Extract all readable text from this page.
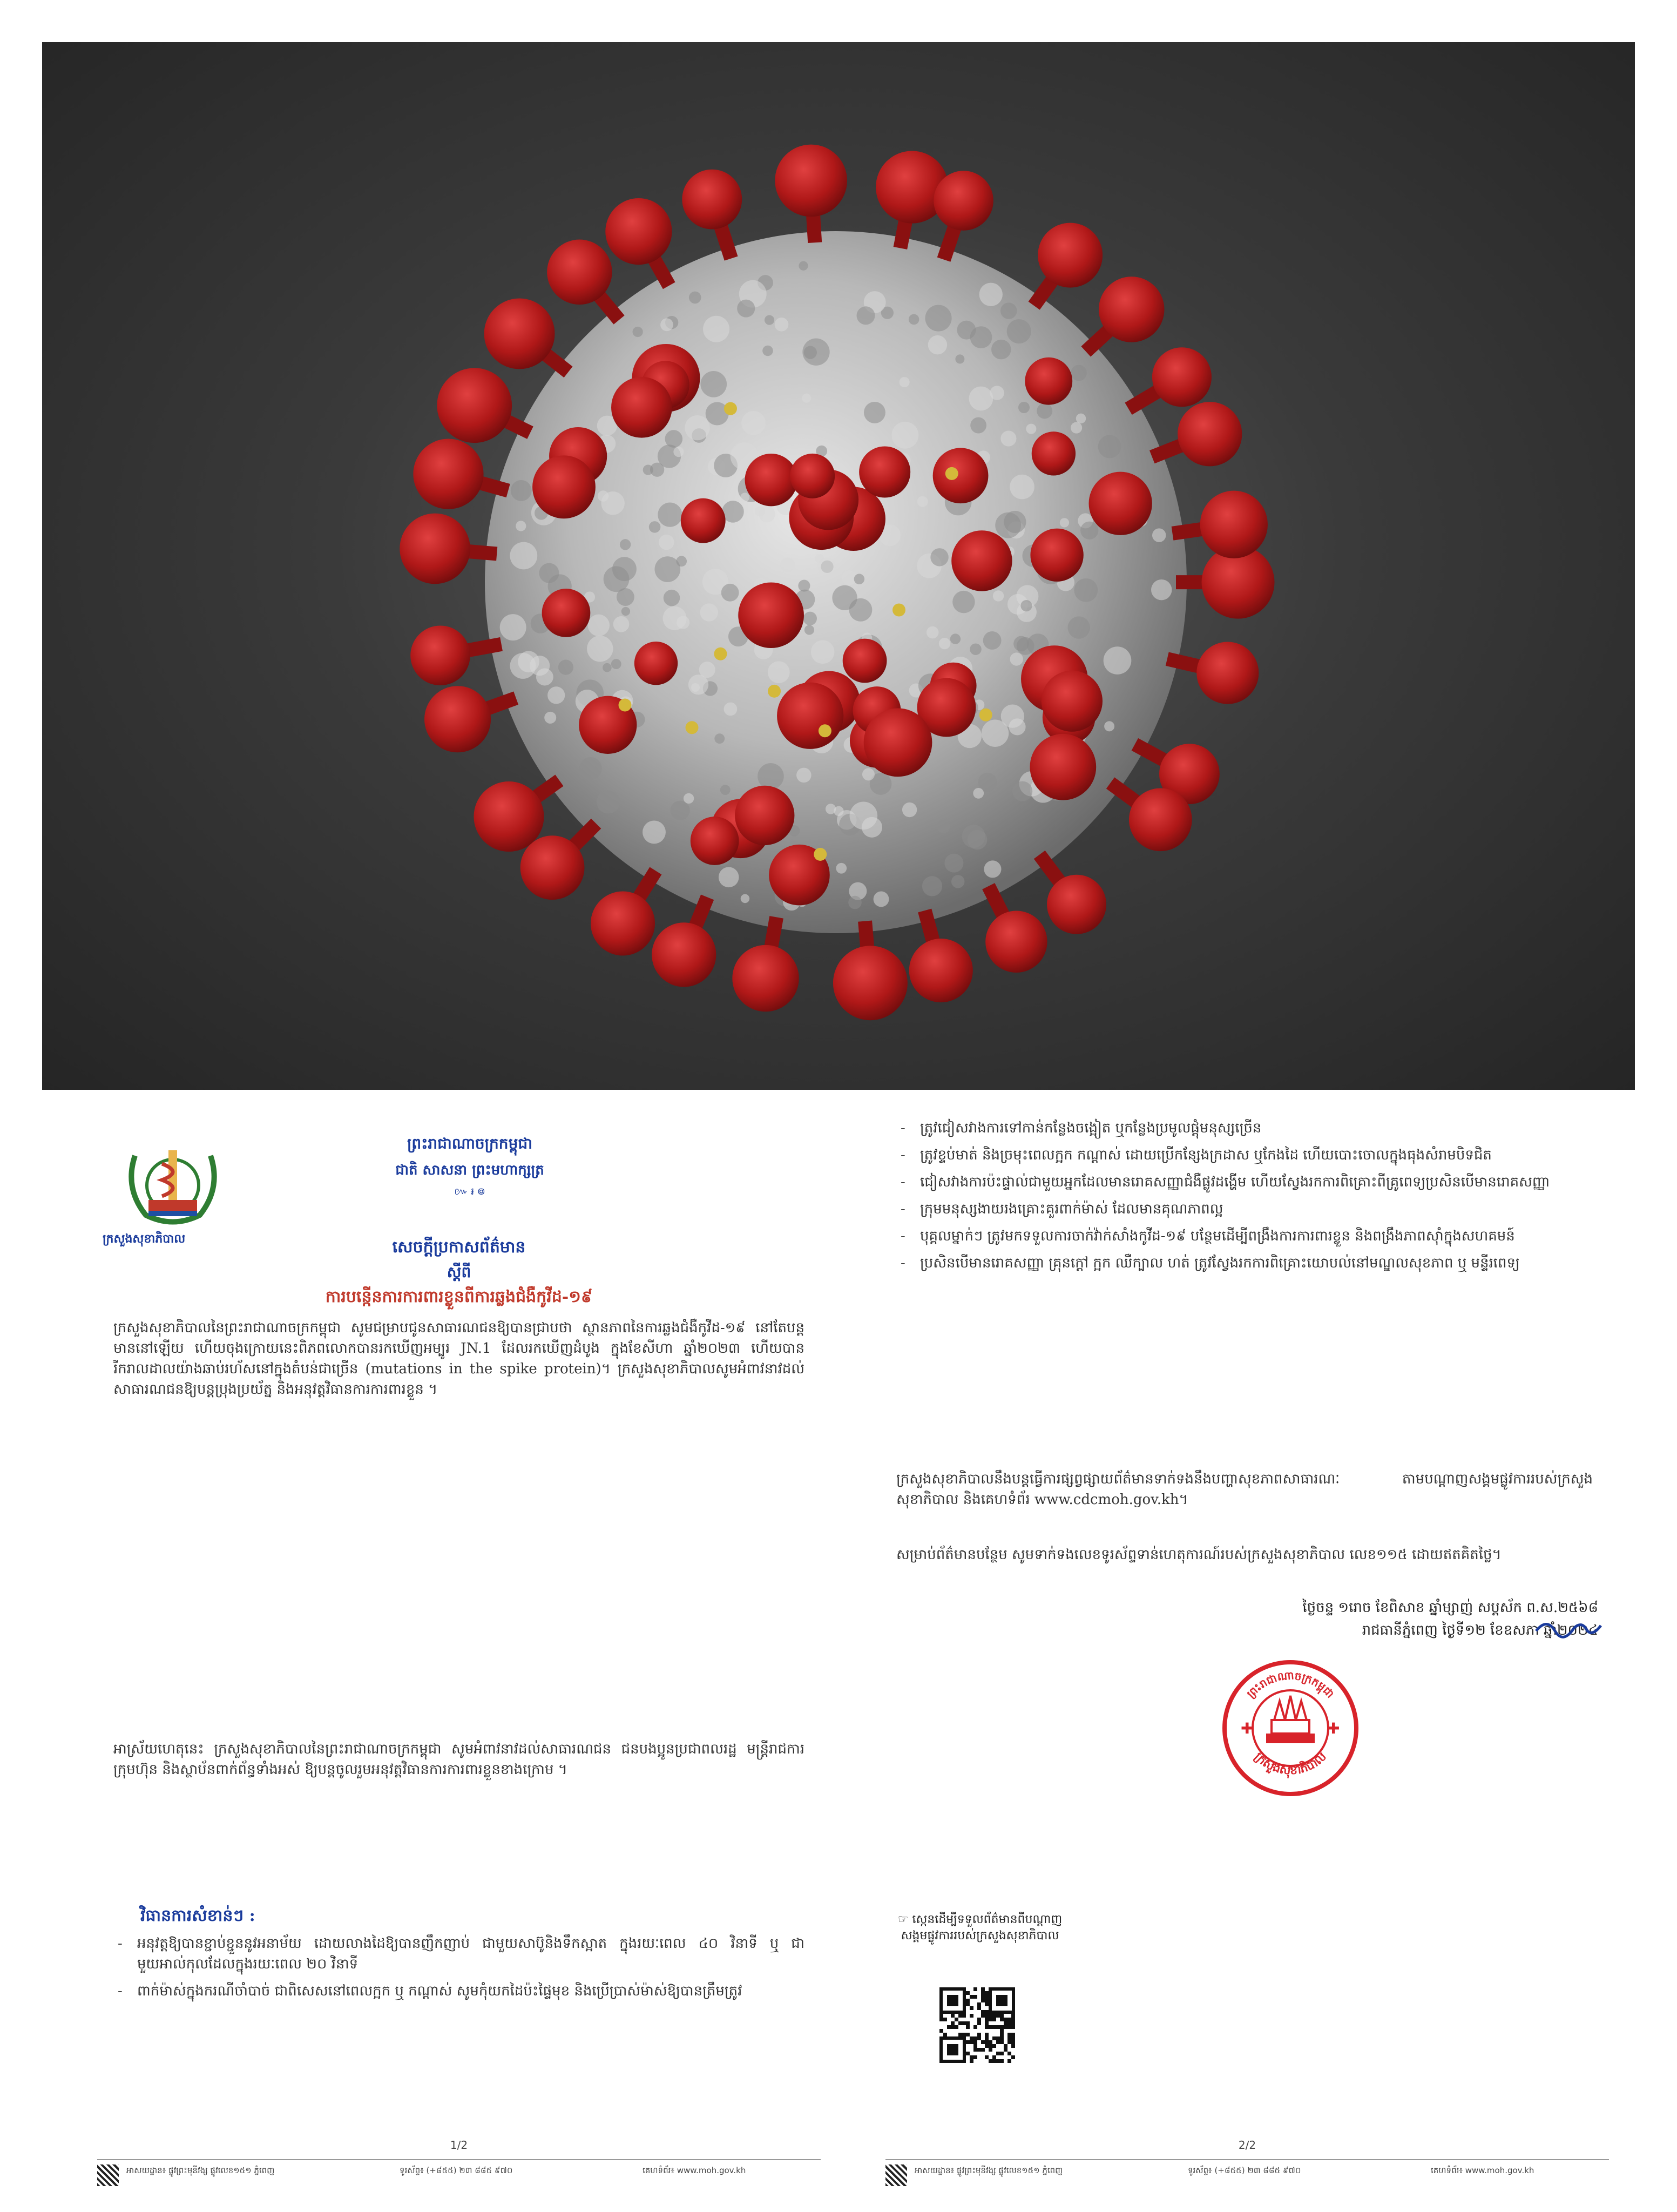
ក្រសួងសុខាភិបាល
ព្រះរាជាណាចក្រកម្ពុជា
ជាតិ សាសនា ព្រះមហាក្សត្រ
៚ ៛ ៙
សេចក្តីប្រកាសព័ត៌មាន
ស្តីពី
ការបន្កើនការការពារខ្លួនពីការឆ្លងជំងឺកូវីដ-១៩
ក្រសួងសុខាភិបាលនៃព្រះរាជាណាចក្រកម្ពុជា សូមជម្រាបជូនសាធារណជនឱ្យបានជ្រាបថា ស្ថានភាពនៃការឆ្លងជំងឺកូវីដ-១៩ នៅតែបន្តមាននៅឡើយ ហើយចុងក្រោយនេះពិភពលោកបានរកឃើញអម្បូរ JN.1 ដែលរកឃើញដំបូង ក្នុងខែសីហា ឆ្នាំ២០២៣ ហើយបានរីករាលដាលយ៉ាងឆាប់រហ័សនៅក្នុងតំបន់ជាច្រើន (mutations in the spike protein)។ ក្រសួងសុខាភិបាលសូមអំពាវនាវដល់សាធារណជនឱ្យបន្តប្រុងប្រយ័ត្ន និងអនុវត្តវិធានការការពារខ្លួន ។
អាស្រ័យហេតុនេះ ក្រសួងសុខាភិបាលនៃព្រះរាជាណាចក្រកម្ពុជា សូមអំពាវនាវដល់សាធារណជន ជនបងប្អូនប្រជាពលរដ្ឋ មន្ត្រីរាជការ ក្រុមហ៊ុន និងស្ថាប័នពាក់ព័ន្ធទាំងអស់ ឱ្យបន្តចូលរួមអនុវត្តវិធានការការពារខ្លួនខាងក្រោម ។
វិធានការសំខាន់ៗ :
- អនុវត្តឱ្យបានខ្ជាប់ខ្ជួននូវអនាម័យ ដោយលាងដៃឱ្យបានញឹកញាប់ ជាមួយសាប៊ូនិងទឹកស្អាត ក្នុងរយៈពេល ៤០ វិនាទី ឬ ជាមួយអាល់កុលដែលក្នុងរយៈពេល ២០ វិនាទី
- ពាក់ម៉ាស់ក្នុងករណីចាំបាច់ ជាពិសេសនៅពេលក្អក ឬ កណ្តាស់ សូមកុំយកដៃប៉ះផ្ទៃមុខ និងប្រើប្រាស់ម៉ាស់ឱ្យបានត្រឹមត្រូវ
1/2
អាសយដ្ឋាន៖ ផ្លូវព្រះមុនីវង្ស ផ្លូវលេខ១៥១ ភ្នំពេញ	ទូរស័ព្ទ៖ (+៨៥៥) ២៣ ៨៨៥ ៩៧០	គេហទំព័រ៖ www.moh.gov.kh
- ត្រូវជៀសវាងការទៅកាន់កន្លែងចង្អៀត ឬកន្លែងប្រមូលផ្តុំមនុស្សច្រើន
- ត្រូវខ្ទប់មាត់ និងច្រមុះពេលក្អក កណ្តាស់ ដោយប្រើកន្សែងក្រដាស ឬកែងដៃ ហើយបោះចោលក្នុងធុងសំរាមបិទជិត
- ជៀសវាងការប៉ះផ្ទាល់ជាមួយអ្នកដែលមានរោគសញ្ញាជំងឺផ្លូវដង្ហើម ហើយស្វែងរកការពិគ្រោះពីគ្រូពេទ្យប្រសិនបើមានរោគសញ្ញា
- ក្រុមមនុស្សងាយរងគ្រោះគួរពាក់ម៉ាស់ ដែលមានគុណភាពល្អ
- បុគ្គលម្នាក់ៗ ត្រូវមកទទួលការចាក់វ៉ាក់សាំងកូវីដ-១៩ បន្ថែមដើម្បីពង្រឹងការការពារខ្លួន និងពង្រឹងភាពស៊ាំក្នុងសហគមន៍
- ប្រសិនបើមានរោគសញ្ញា គ្រុនក្តៅ ក្អក ឈឺក្បាល ហត់ ត្រូវស្វែងរកការពិគ្រោះយោបល់នៅមណ្ឌលសុខភាព ឬ មន្ទីរពេទ្យ
ក្រសួងសុខាភិបាលនឹងបន្តធ្វើការផ្សព្វផ្សាយព័ត៌មានទាក់ទងនឹងបញ្ហាសុខភាពសាធារណៈ តាមបណ្តាញសង្គមផ្លូវការរបស់ក្រសួងសុខាភិបាល និងគេហទំព័រ www.cdcmoh.gov.kh។
សម្រាប់ព័ត៌មានបន្ថែម សូមទាក់ទងលេខទូរស័ព្ទទាន់ហេតុការណ៍របស់ក្រសួងសុខាភិបាល លេខ១១៥ ដោយឥតគិតថ្លៃ។
ថ្ងៃចន្ទ ១រោច ខែពិសាខ ឆ្នាំម្សាញ់ សប្តស័ក ព.ស.២៥៦៨
រាជធានីភ្នំពេញ ថ្ងៃទី១២ ខែឧសភា ឆ្នាំ២០២៤
ព្រះរាជាណាចក្រកម្ពុជា
ក្រសួងសុខាភិបាល
✚	✚
☞ ស្កេនដើម្បីទទួលព័ត៌មានពីបណ្តាញសង្គមផ្លូវការរបស់ក្រសួងសុខាភិបាល
2/2
អាសយដ្ឋាន៖ ផ្លូវព្រះមុនីវង្ស ផ្លូវលេខ១៥១ ភ្នំពេញ	ទូរស័ព្ទ៖ (+៨៥៥) ២៣ ៨៨៥ ៩៧០	គេហទំព័រ៖ www.moh.gov.kh
